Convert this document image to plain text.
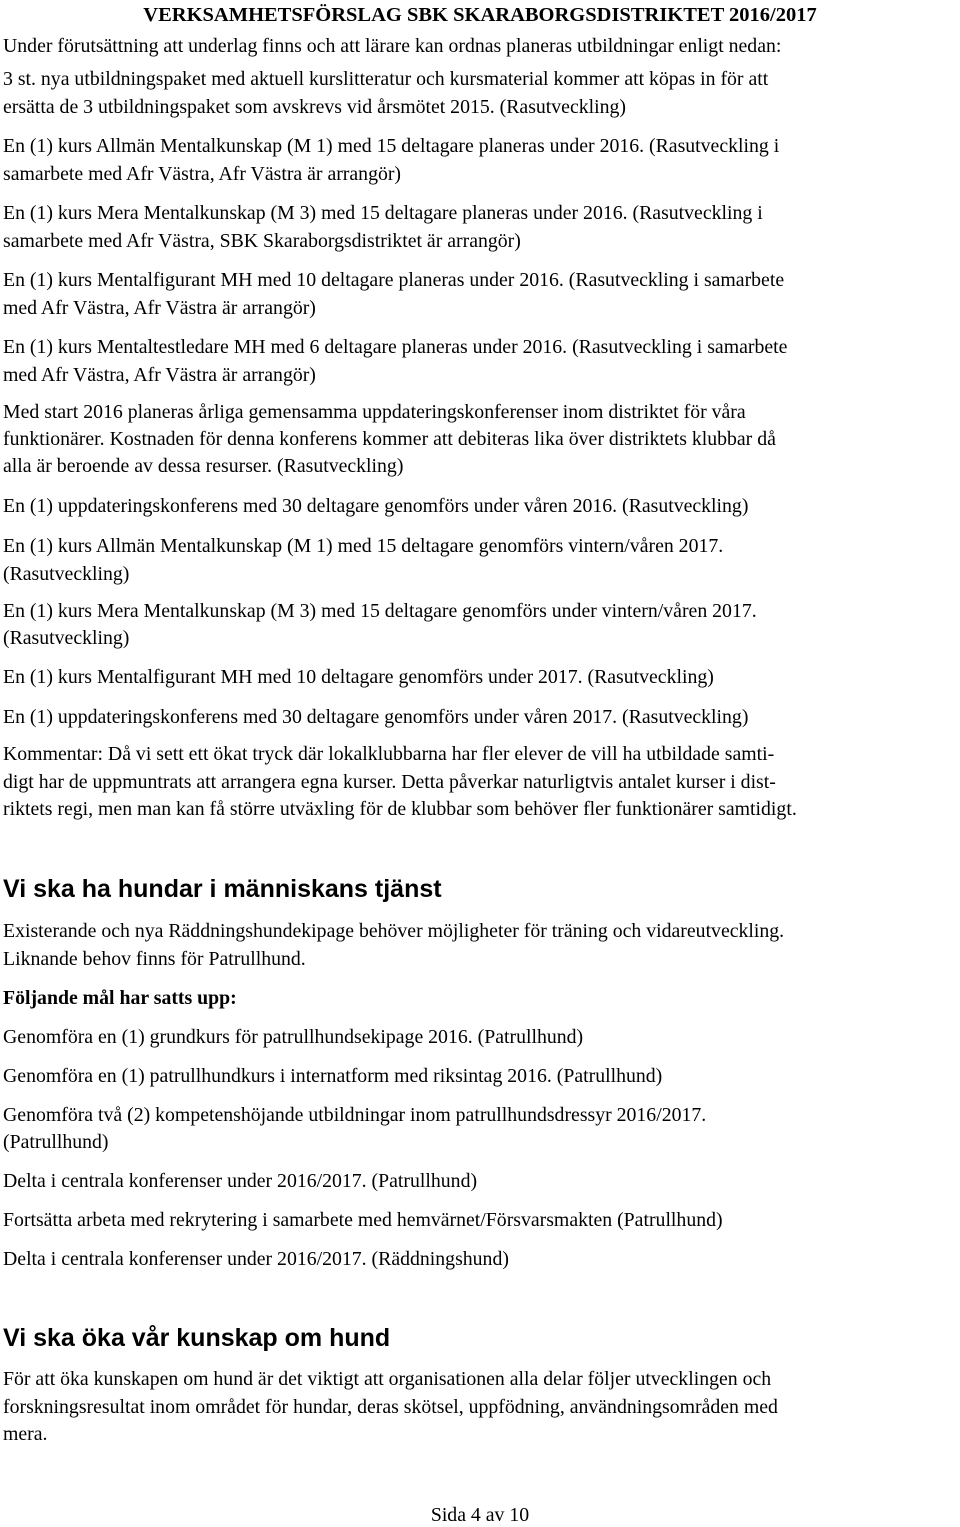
VERKSAMHETSFÖRSLAG SBK SKARABORGSDISTRIKTET 2016/2017
Under förutsättning att underlag finns och att lärare kan ordnas planeras utbildningar enligt nedan:
3 st. nya utbildningspaket med aktuell kurslitteratur och kursmaterial kommer att köpas in för att
ersätta de 3 utbildningspaket som avskrevs vid årsmötet 2015. (Rasutveckling)
En (1) kurs Allmän Mentalkunskap (M 1) med 15 deltagare planeras under 2016. (Rasutveckling i
samarbete med Afr Västra, Afr Västra är arrangör)
En (1) kurs Mera Mentalkunskap (M 3) med 15 deltagare planeras under 2016. (Rasutveckling i
samarbete med Afr Västra, SBK Skaraborgsdistriktet är arrangör)
En (1) kurs Mentalfigurant MH med 10 deltagare planeras under 2016. (Rasutveckling i samarbete
med Afr Västra, Afr Västra är arrangör)
En (1) kurs Mentaltestledare MH med 6 deltagare planeras under 2016. (Rasutveckling i samarbete
med Afr Västra, Afr Västra är arrangör)
Med start 2016 planeras årliga gemensamma uppdateringskonferenser inom distriktet för våra
funktionärer. Kostnaden för denna konferens kommer att debiteras lika över distriktets klubbar då
alla är beroende av dessa resurser. (Rasutveckling)
En (1) uppdateringskonferens med 30 deltagare genomförs under våren 2016. (Rasutveckling)
En (1) kurs Allmän Mentalkunskap (M 1) med 15 deltagare genomförs vintern/våren 2017.
(Rasutveckling)
En (1) kurs Mera Mentalkunskap (M 3) med 15 deltagare genomförs under vintern/våren 2017.
(Rasutveckling)
En (1) kurs Mentalfigurant MH med 10 deltagare genomförs under 2017. (Rasutveckling)
En (1) uppdateringskonferens med 30 deltagare genomförs under våren 2017. (Rasutveckling)
Kommentar: Då vi sett ett ökat tryck där lokalklubbarna har fler elever de vill ha utbildade samti-
digt har de uppmuntrats att arrangera egna kurser. Detta påverkar naturligtvis antalet kurser i dist-
riktets regi, men man kan få större utväxling för de klubbar som behöver fler funktionärer samtidigt.
Vi ska ha hundar i människans tjänst
Existerande och nya Räddningshundekipage behöver möjligheter för träning och vidareutveckling.
Liknande behov finns för Patrullhund.
Följande mål har satts upp:
Genomföra en (1) grundkurs för patrullhundsekipage 2016. (Patrullhund)
Genomföra en (1) patrullhundkurs i internatform med riksintag 2016. (Patrullhund)
Genomföra två (2) kompetenshöjande utbildningar inom patrullhundsdressyr 2016/2017.
(Patrullhund)
Delta i centrala konferenser under 2016/2017. (Patrullhund)
Fortsätta arbeta med rekrytering i samarbete med hemvärnet/Försvarsmakten (Patrullhund)
Delta i centrala konferenser under 2016/2017. (Räddningshund)
Vi ska öka vår kunskap om hund
För att öka kunskapen om hund är det viktigt att organisationen alla delar följer utvecklingen och
forskningsresultat inom området för hundar, deras skötsel, uppfödning, användningsområden med
mera.
Sida 4 av 10
